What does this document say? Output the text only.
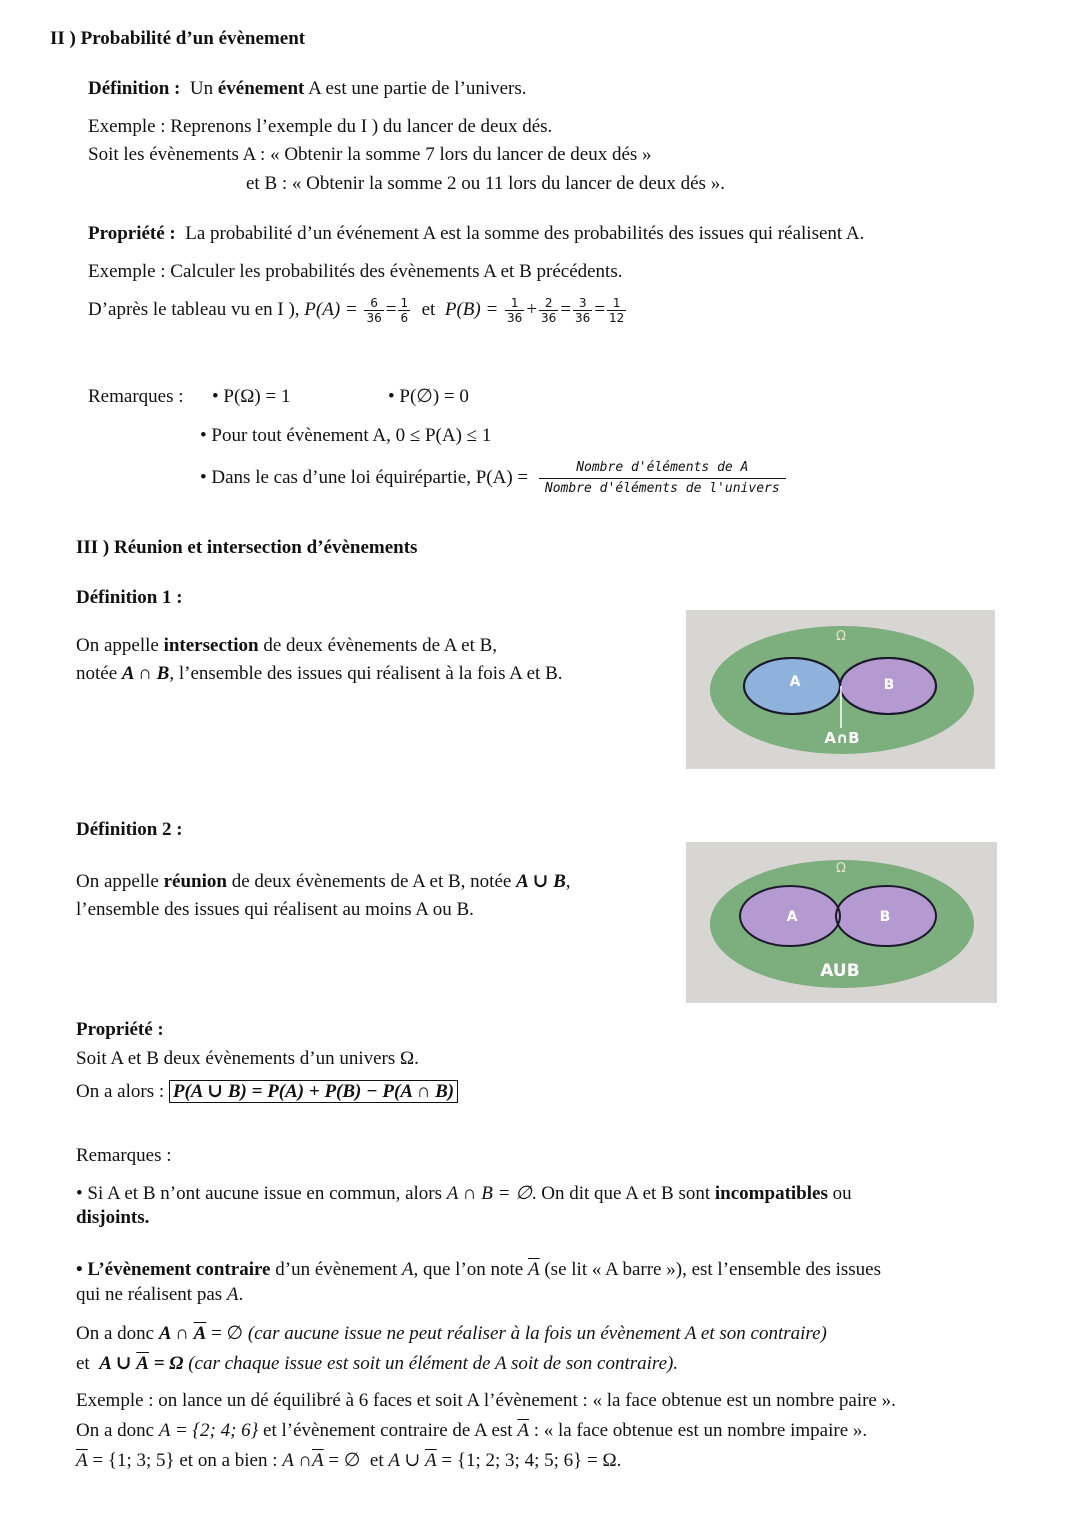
II ) Probabilité d’un évènement
Définition : Un événement A est une partie de l’univers.
Exemple : Reprenons l’exemple du I ) du lancer de deux dés.
Soit les évènements A : « Obtenir la somme 7 lors du lancer de deux dés »
et B : « Obtenir la somme 2 ou 11 lors du lancer de deux dés ».
Propriété : La probabilité d’un événement A est la somme des probabilités des issues qui réalisent A.
Exemple : Calculer les probabilités des évènements A et B précédents.
D’après le tableau vu en I ), $P(A) = \frac{6}{36} = \frac{1}{6}$ et $P(B) = \frac{1}{36} + \frac{2}{36} = \frac{3}{36} = \frac{1}{12}$
Remarques : • P(Ω) = 1	• P(∅) = 0
• Pour tout évènement A, 0 ≤ P(A) ≤ 1
• Dans le cas d’une loi équirépartie, P(A) =	Nombre d'éléments de A
Nombre d'éléments de l'univers
III ) Réunion et intersection d’évènements
Définition 1 :
On appelle intersection de deux évènements de A et B,
notée A ∩ B, l’ensemble des issues qui réalisent à la fois A et B.
Ω
A	B
A∩B
Définition 2 :
On appelle réunion de deux évènements de A et B, notée A ∪ B,
l’ensemble des issues qui réalisent au moins A ou B.
Ω
A	B
AUB
Propriété :
Soit A et B deux évènements d’un univers Ω.
On a alors : P(A ∪ B) = P(A) + P(B) − P(A ∩ B)
Remarques :
• Si A et B n’ont aucune issue en commun, alors A ∩ B = ∅. On dit que A et B sont incompatibles ou
disjoints.
• L’évènement contraire d’un évènement A, que l’on note $\overline{A}$ (se lit « A barre »), est l’ensemble des issues
qui ne réalisent pas A.
On a donc A ∩ $\overline{A}$ = ∅ (car aucune issue ne peut réaliser à la fois un évènement A et son contraire)
et A ∪ $\overline{A} = \Omega$ (car chaque issue est soit un élément de A soit de son contraire).
Exemple : on lance un dé équilibré à 6 faces et soit A l’évènement : « la face obtenue est un nombre paire ».
On a donc A = {2; 4; 6} et l’évènement contraire de A est $\overline{A}$ : « la face obtenue est un nombre impaire ».
$\overline{A} = \{1$; 3; 5} et on a bien : A $\cap\overline{A}$ = ∅ et A ∪ $\overline{A} = \{1$; 2; 3; 4; 5; 6} = Ω.
